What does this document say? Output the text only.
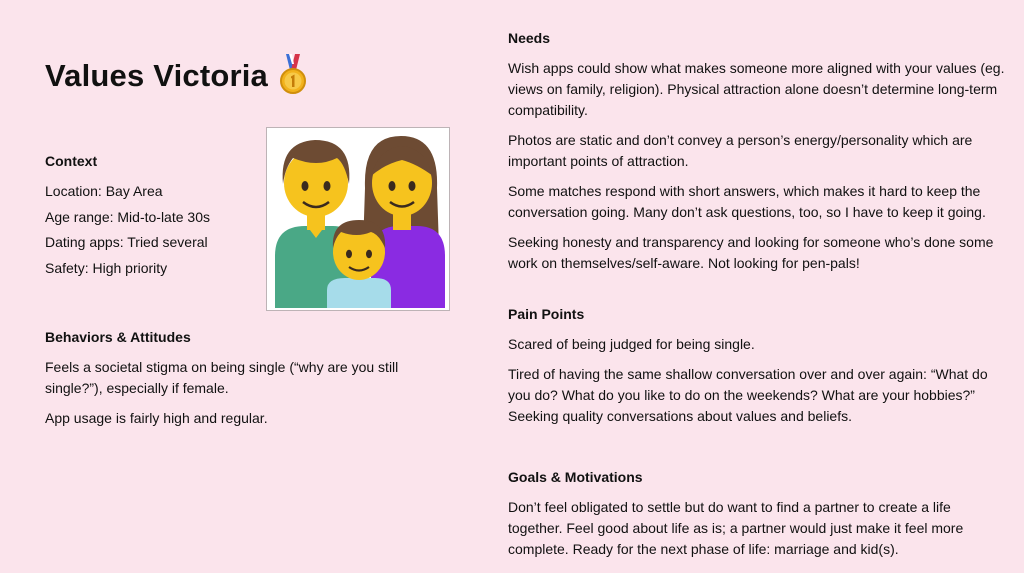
Values Victoria
Context
Location: Bay Area
Age range: Mid-to-late 30s
Dating apps: Tried several
Safety: High priority
Behaviors & Attitudes
Feels a societal stigma on being single (“why are you still single?”), especially if female.
App usage is fairly high and regular.
Needs
Wish apps could show what makes someone more aligned with your values (eg. views on family, religion). Physical attraction alone doesn’t determine long-term compatibility.
Photos are static and don’t convey a person’s energy/personality which are important points of attraction.
Some matches respond with short answers, which makes it hard to keep the conversation going. Many don’t ask questions, too, so I have to keep it going.
Seeking honesty and transparency and looking for someone who’s done some work on themselves/self-aware. Not looking for pen-pals!
Pain Points
Scared of being judged for being single.
Tired of having the same shallow conversation over and over again: “What do you do? What do you like to do on the weekends? What are your hobbies?” Seeking quality conversations about values and beliefs.
Goals & Motivations
Don’t feel obligated to settle but do want to find a partner to create a life together. Feel good about life as is; a partner would just make it feel more complete. Ready for the next phase of life: marriage and kid(s).
